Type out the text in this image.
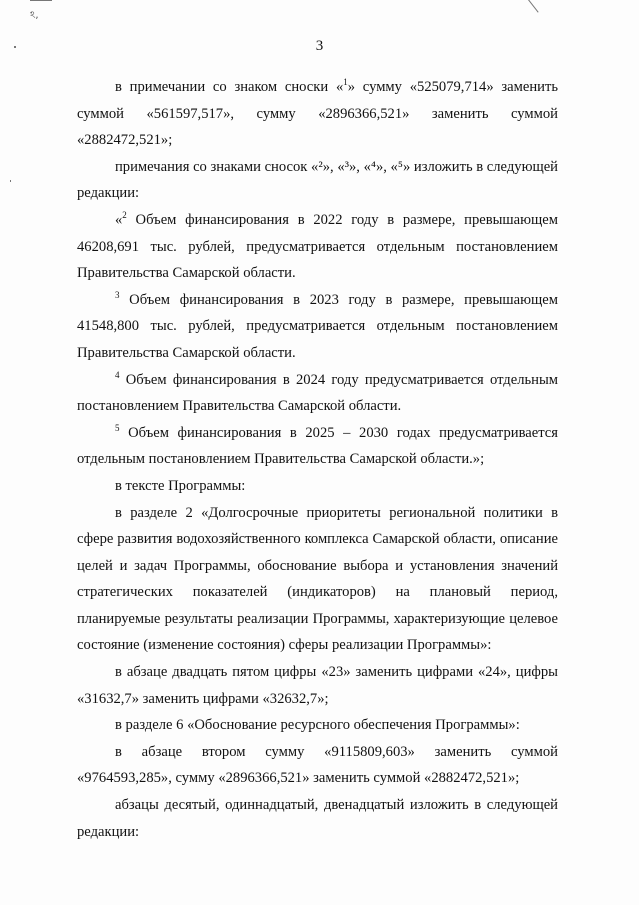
ঽ,
3

в примечании со знаком сноски «$^1$» сумму «525079,714» заменить суммой «561597,517», сумму «2896366,521» заменить суммой «2882472,521»;

примечания со знаками сносок «²», «³», «⁴», «⁵» изложить в следующей редакции:

«$^2$ Объем финансирования в 2022 году в размере, превышающем 46208,691 тыс. рублей, предусматривается отдельным постановлением Правительства Самарской области.

$^3$ Объем финансирования в 2023 году в размере, превышающем 41548,800 тыс. рублей, предусматривается отдельным постановлением Правительства Самарской области.

$^4$ Объем финансирования в 2024 году предусматривается отдельным постановлением Правительства Самарской области.

$^5$ Объем финансирования в 2025 – 2030 годах предусматривается отдельным постановлением Правительства Самарской области.»;

в тексте Программы:

в разделе 2 «Долгосрочные приоритеты региональной политики в сфере развития водохозяйственного комплекса Самарской области, описание целей и задач Программы, обоснование выбора и установления значений стратегических показателей (индикаторов) на плановый период, планируемые результаты реализации Программы, характеризующие целевое состояние (изменение состояния) сферы реализации Программы»:

в абзаце двадцать пятом цифры «23» заменить цифрами «24», цифры «31632,7» заменить цифрами «32632,7»;

в разделе 6 «Обоснование ресурсного обеспечения Программы»:

в абзаце втором сумму «9115809,603» заменить суммой «9764593,285», сумму «2896366,521» заменить суммой «2882472,521»;

абзацы десятый, одиннадцатый, двенадцатый изложить в следующей редакции:
